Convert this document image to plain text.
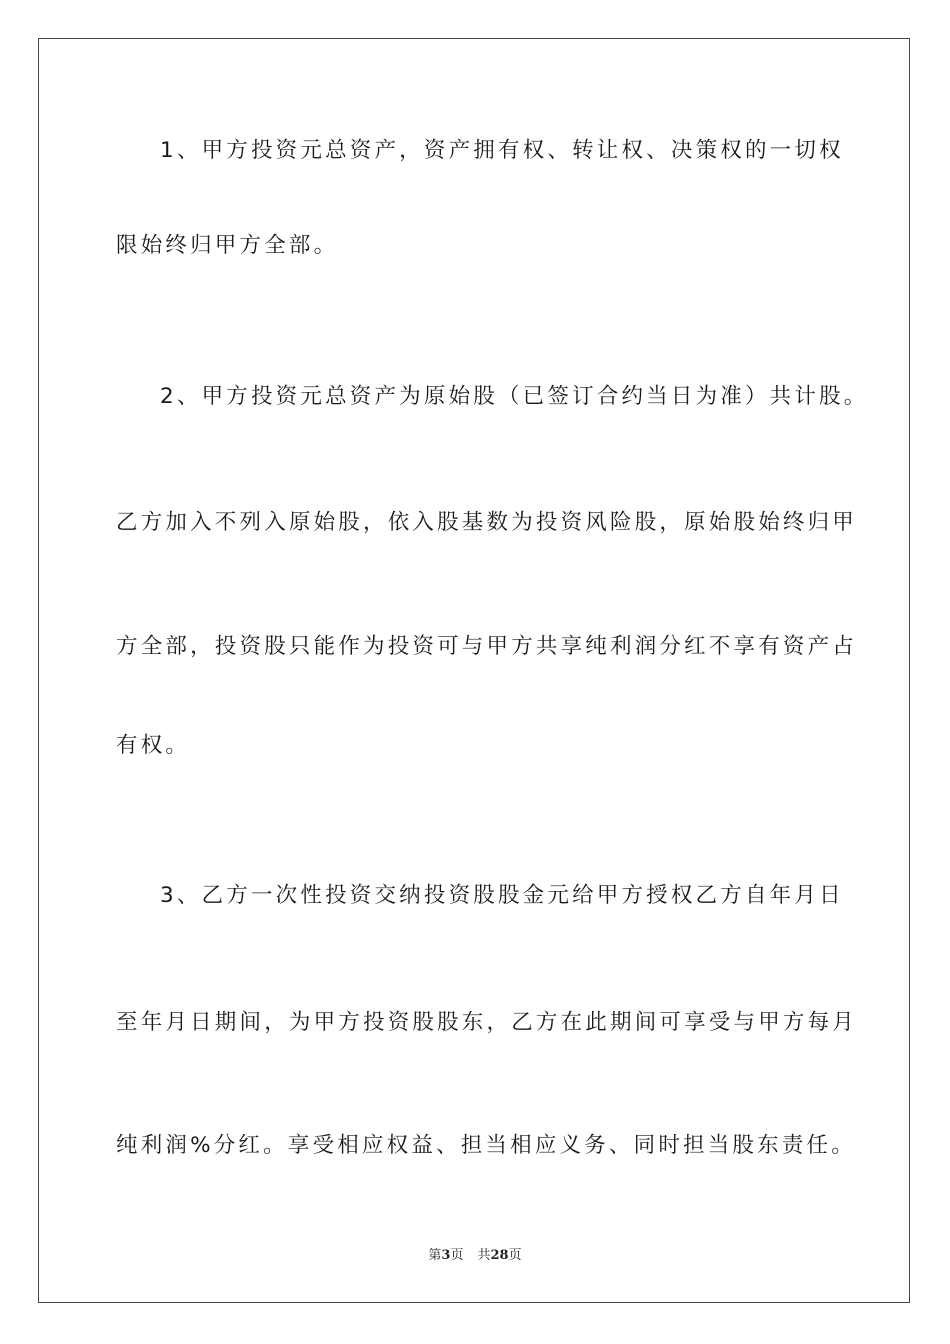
1、甲方投资元总资产，资产拥有权、转让权、决策权的一切权
限始终归甲方全部。
2、甲方投资元总资产为原始股（已签订合约当日为准）共计股。
乙方加入不列入原始股，依入股基数为投资风险股，原始股始终归甲
方全部，投资股只能作为投资可与甲方共享纯利润分红不享有资产占
有权。
3、乙方一次性投资交纳投资股股金元给甲方授权乙方自年月日
至年月日期间，为甲方投资股股东，乙方在此期间可享受与甲方每月
纯利润%分红。享受相应权益、担当相应义务、同时担当股东责任。
第3页 共28页
